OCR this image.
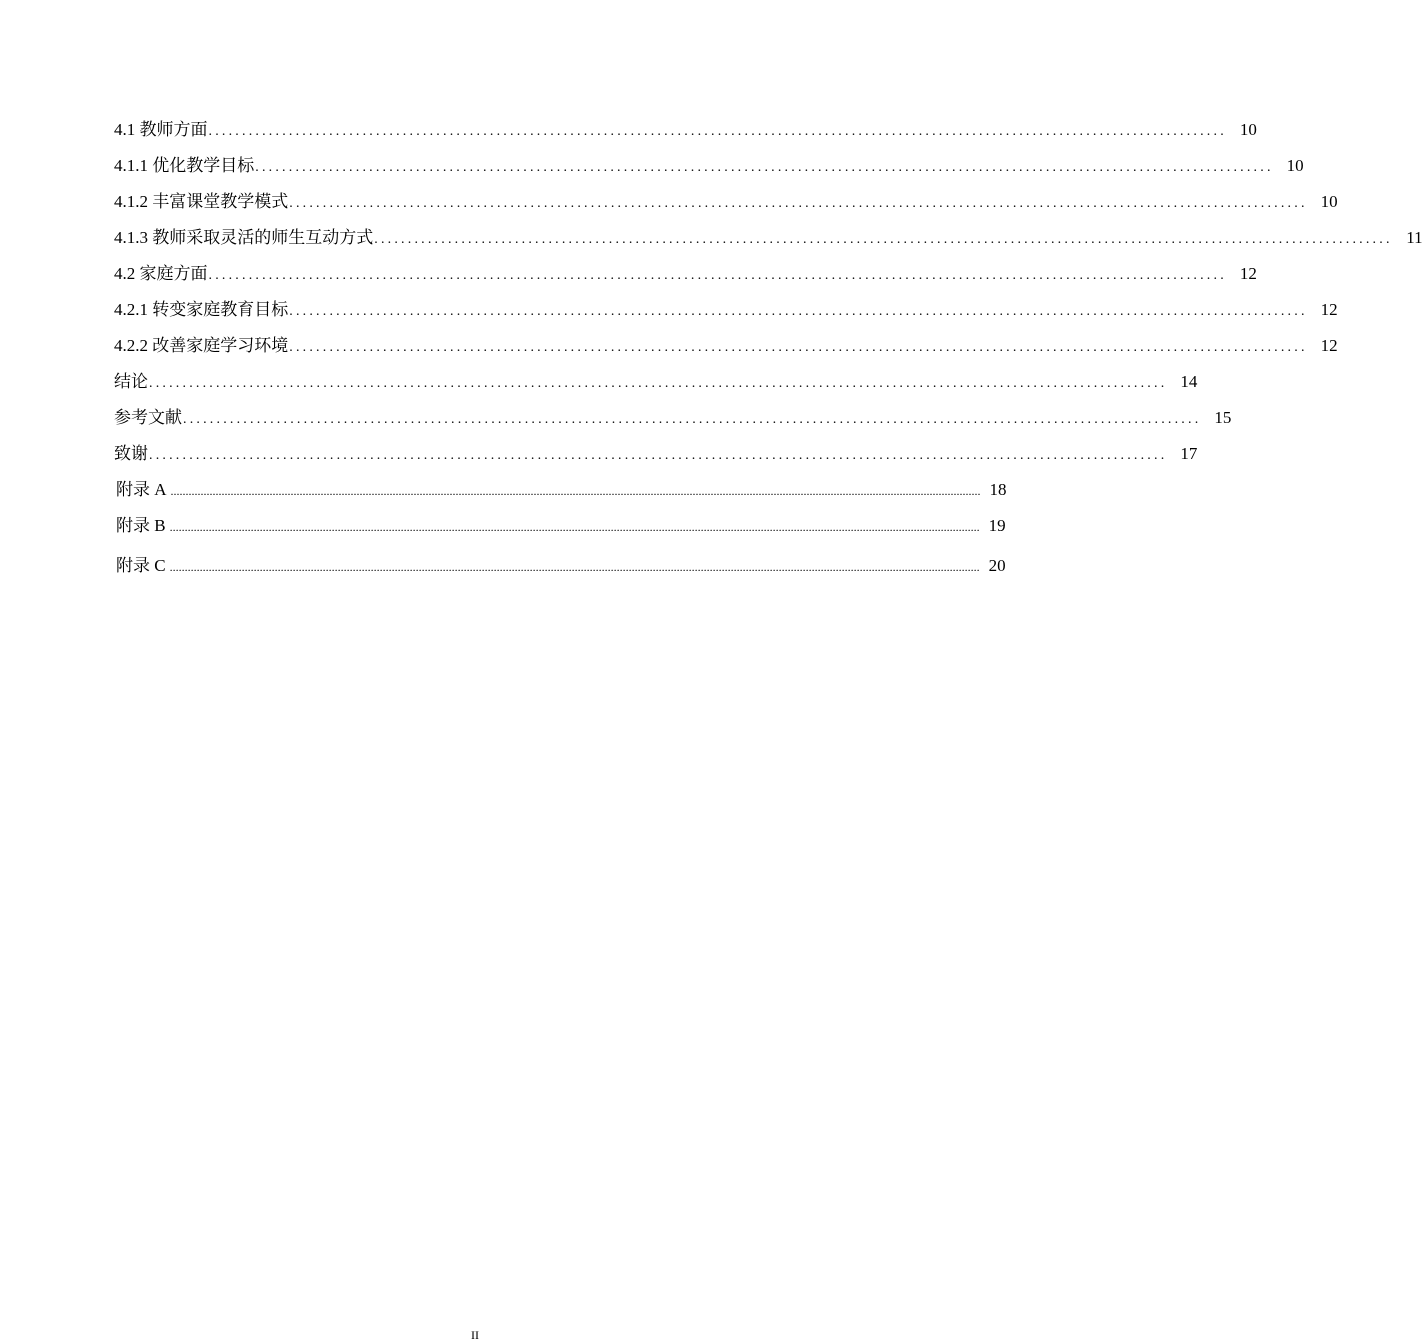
4.1 教师方面 ........................................................................................................................................................ 10
4.1.1 优化教学目标 ........................................................................................................................................................ 10
4.1.2 丰富课堂教学模式 ........................................................................................................................................................ 10
4.1.3 教师采取灵活的师生互动方式 ........................................................................................................................................................ 11
4.2 家庭方面 ........................................................................................................................................................ 12
4.2.1 转变家庭教育目标 ........................................................................................................................................................ 12
4.2.2 改善家庭学习环境 ........................................................................................................................................................ 12
结论 ........................................................................................................................................................ 14
参考文献 ........................................................................................................................................................ 15
致谢 ........................................................................................................................................................ 17
附录 A .............................................................................................................................................................................................................................................................................. 18
附录 B .............................................................................................................................................................................................................................................................................. 19
附录 C .............................................................................................................................................................................................................................................................................. 20
II
